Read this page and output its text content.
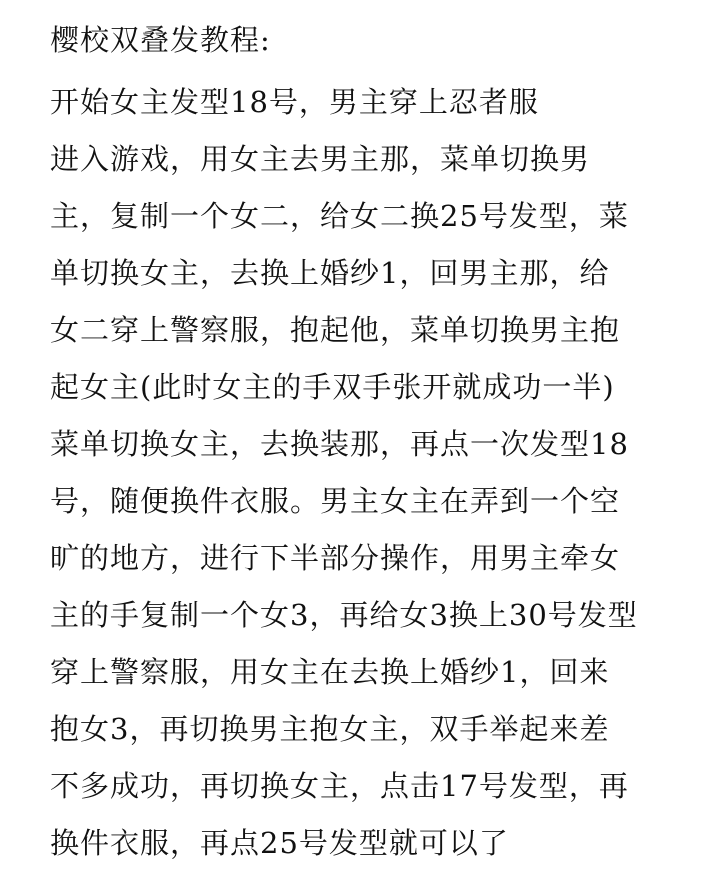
樱校双叠发教程:
开始女主发型18号，男主穿上忍者服
进入游戏，用女主去男主那，菜单切换男
主，复制一个女二，给女二换25号发型，菜
单切换女主，去换上婚纱1，回男主那，给
女二穿上警察服，抱起他，菜单切换男主抱
起女主(此时女主的手双手张开就成功一半)
菜单切换女主，去换装那，再点一次发型18
号，随便换件衣服。男主女主在弄到一个空
旷的地方，进行下半部分操作，用男主牵女
主的手复制一个女3，再给女3换上30号发型
穿上警察服，用女主在去换上婚纱1，回来
抱女3，再切换男主抱女主，双手举起来差
不多成功，再切换女主，点击17号发型，再
换件衣服，再点25号发型就可以了
